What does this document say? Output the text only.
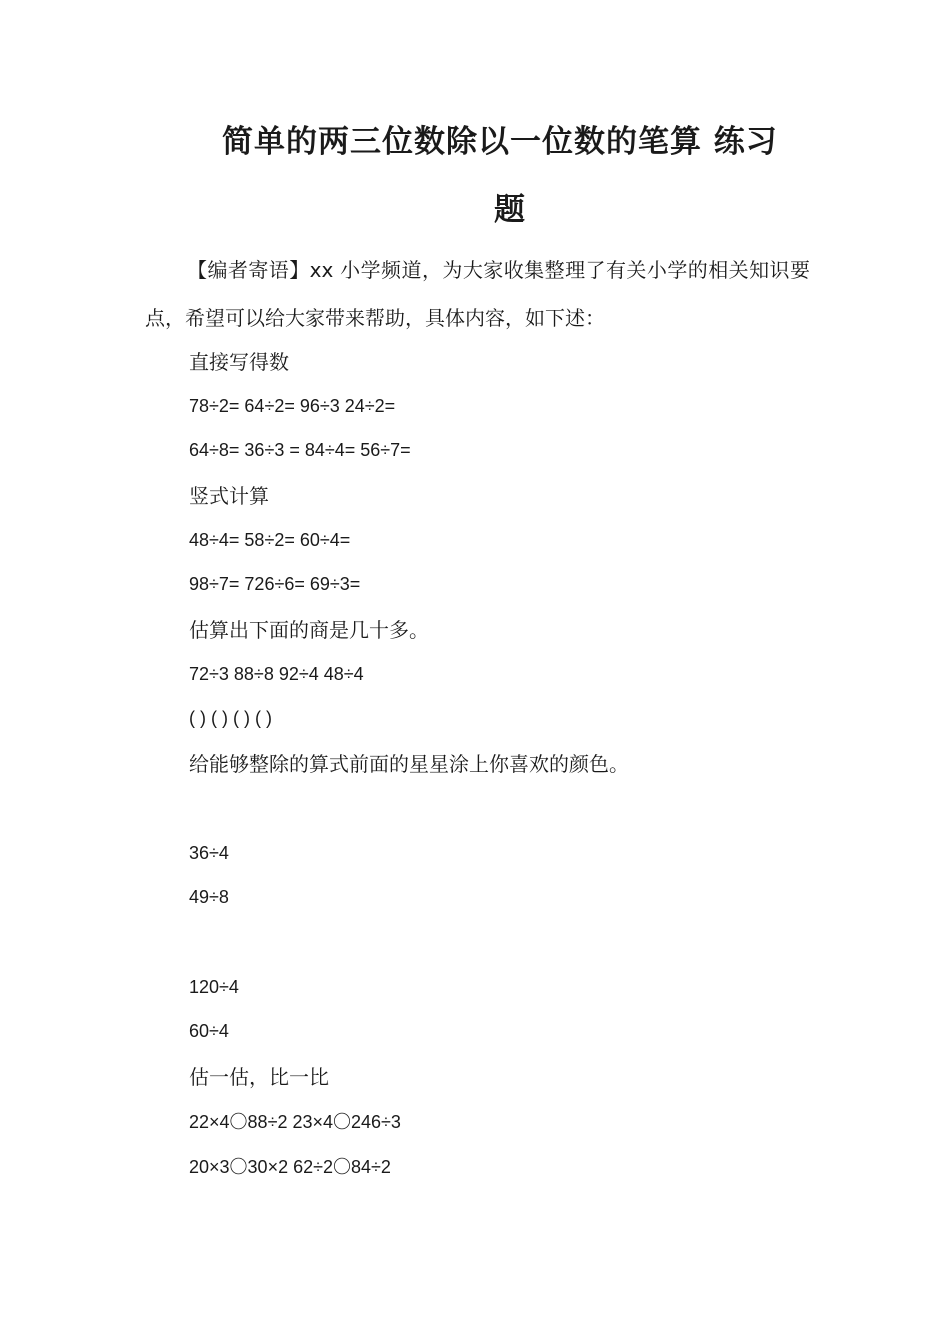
简单的两三位数除以一位数的笔算 练习
题
【编者寄语】xx 小学频道，为大家收集整理了有关小学的相关知识要点，希望可以给大家带来帮助，具体内容，如下述：
直接写得数
78÷2= 64÷2= 96÷3 24÷2=
64÷8= 36÷3 = 84÷4= 56÷7=
竖式计算
48÷4= 58÷2= 60÷4=
98÷7= 726÷6= 69÷3=
估算出下面的商是几十多。
72÷3 88÷8 92÷4 48÷4
( ) ( ) ( ) ( )
给能够整除的算式前面的星星涂上你喜欢的颜色。
36÷4
49÷8
120÷4
60÷4
估一估，比一比
22×4〇88÷2 23×4〇246÷3
20×3〇30×2 62÷2〇84÷2
